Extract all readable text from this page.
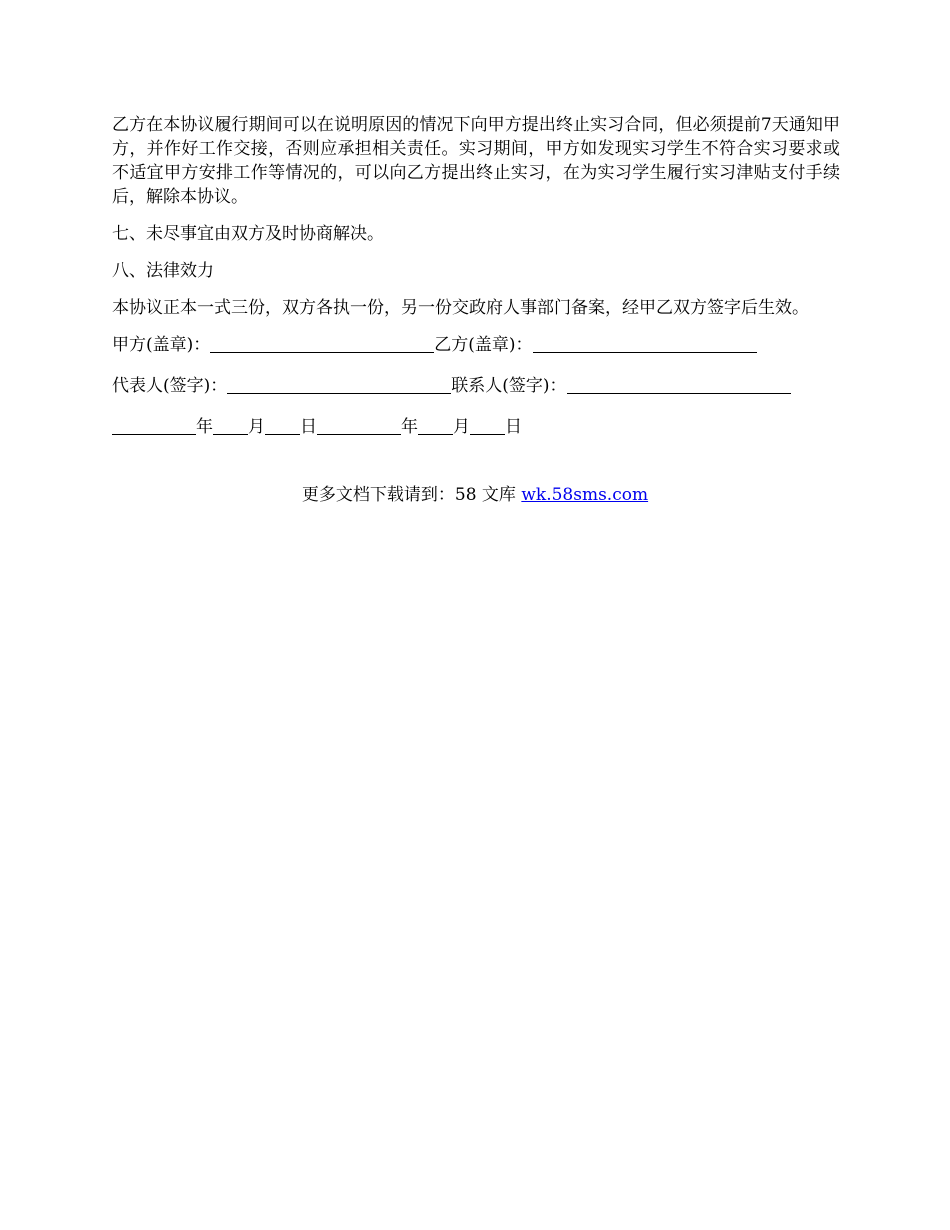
乙方在本协议履行期间可以在说明原因的情况下向甲方提出终止实习合同，但必须提前7天通知甲方，并作好工作交接，否则应承担相关责任。实习期间，甲方如发现实习学生不符合实习要求或不适宜甲方安排工作等情况的，可以向乙方提出终止实习，在为实习学生履行实习津贴支付手续后，解除本协议。

七、未尽事宜由双方及时协商解决。

八、法律效力

本协议正本一式三份，双方各执一份，另一份交政府人事部门备案，经甲乙双方签字后生效。

甲方(盖章)：	乙方(盖章)：
代表人(签字)：	联系人(签字)：
年 月 日	年 月 日
更多文档下载请到：58 文库 wk.58sms.com
